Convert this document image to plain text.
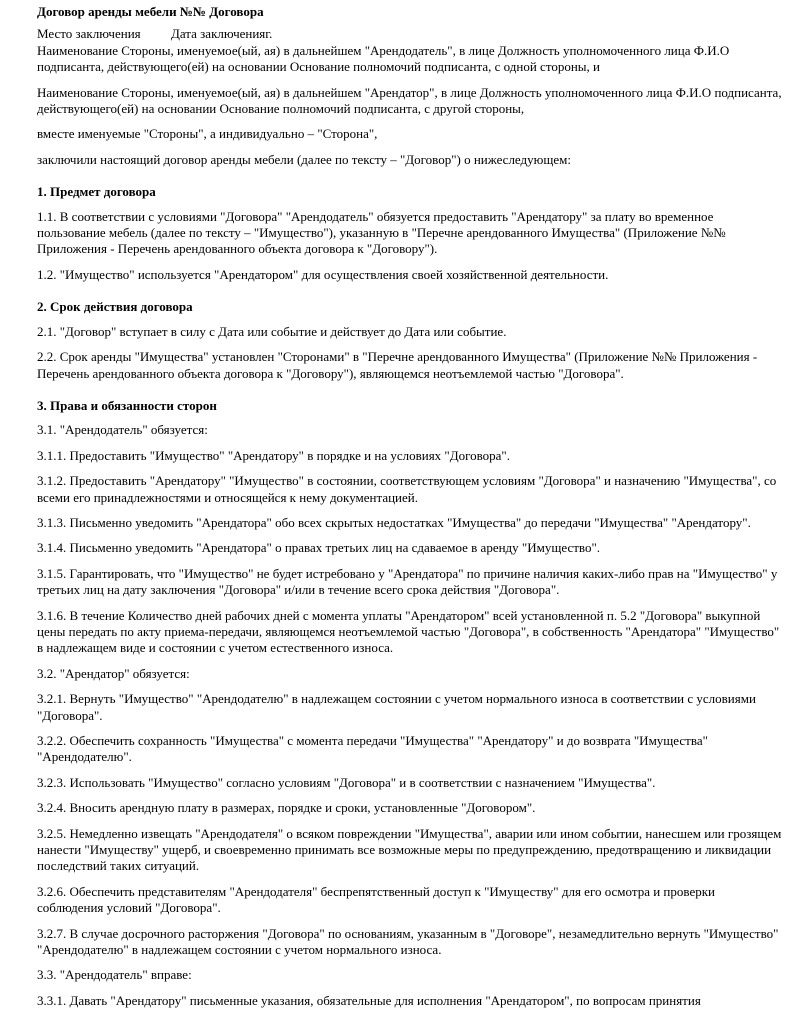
Договор аренды мебели №№ Договора

Место заключения Дата заключенияг.

Наименование Стороны, именуемое(ый, ая) в дальнейшем "Арендодатель", в лице Должность уполномоченного лица Ф.И.О подписанта, действующего(ей) на основании Основание полномочий подписанта, с одной стороны, и

Наименование Стороны, именуемое(ый, ая) в дальнейшем "Арендатор", в лице Должность уполномоченного лица Ф.И.О подписанта, действующего(ей) на основании Основание полномочий подписанта, с другой стороны,

вместе именуемые "Стороны", а индивидуально – "Сторона",

заключили настоящий договор аренды мебели (далее по тексту – "Договор") о нижеследующем:

1. Предмет договора

1.1. В соответствии с условиями "Договора" "Арендодатель" обязуется предоставить "Арендатору" за плату во временное пользование мебель (далее по тексту – "Имущество"), указанную в "Перечне арендованного Имущества" (Приложение №№ Приложения - Перечень арендованного объекта договора к "Договору").

1.2. "Имущество" используется "Арендатором" для осуществления своей хозяйственной деятельности.

2. Срок действия договора

2.1. "Договор" вступает в силу с Дата или событие и действует до Дата или событие.

2.2. Срок аренды "Имущества" установлен "Сторонами" в "Перечне арендованного Имущества" (Приложение №№ Приложения - Перечень арендованного объекта договора к "Договору"), являющемся неотъемлемой частью "Договора".

3. Права и обязанности сторон

3.1. "Арендодатель" обязуется:

3.1.1. Предоставить "Имущество" "Арендатору" в порядке и на условиях "Договора".

3.1.2. Предоставить "Арендатору" "Имущество" в состоянии, соответствующем условиям "Договора" и назначению "Имущества", со всеми его принадлежностями и относящейся к нему документацией.

3.1.3. Письменно уведомить "Арендатора" обо всех скрытых недостатках "Имущества" до передачи "Имущества" "Арендатору".

3.1.4. Письменно уведомить "Арендатора" о правах третьих лиц на сдаваемое в аренду "Имущество".

3.1.5. Гарантировать, что "Имущество" не будет истребовано у "Арендатора" по причине наличия каких-либо прав на "Имущество" у третьих лиц на дату заключения "Договора" и/или в течение всего срока действия "Договора".

3.1.6. В течение Количество дней рабочих дней с момента уплаты "Арендатором" всей установленной п. 5.2 "Договора" выкупной цены передать по акту приема-передачи, являющемся неотъемлемой частью "Договора", в собственность "Арендатора" "Имущество" в надлежащем виде и состоянии с учетом естественного износа.

3.2. "Арендатор" обязуется:

3.2.1. Вернуть "Имущество" "Арендодателю" в надлежащем состоянии с учетом нормального износа в соответствии с условиями "Договора".

3.2.2. Обеспечить сохранность "Имущества" с момента передачи "Имущества" "Арендатору" и до возврата "Имущества" "Арендодателю".

3.2.3. Использовать "Имущество" согласно условиям "Договора" и в соответствии с назначением "Имущества".

3.2.4. Вносить арендную плату в размерах, порядке и сроки, установленные "Договором".

3.2.5. Немедленно извещать "Арендодателя" о всяком повреждении "Имущества", аварии или ином событии, нанесшем или грозящем нанести "Имуществу" ущерб, и своевременно принимать все возможные меры по предупреждению, предотвращению и ликвидации последствий таких ситуаций.

3.2.6. Обеспечить представителям "Арендодателя" беспрепятственный доступ к "Имуществу" для его осмотра и проверки соблюдения условий "Договора".

3.2.7. В случае досрочного расторжения "Договора" по основаниям, указанным в "Договоре", незамедлительно вернуть "Имущество" "Арендодателю" в надлежащем состоянии с учетом нормального износа.

3.3. "Арендодатель" вправе:

3.3.1. Давать "Арендатору" письменные указания, обязательные для исполнения "Арендатором", по вопросам принятия
